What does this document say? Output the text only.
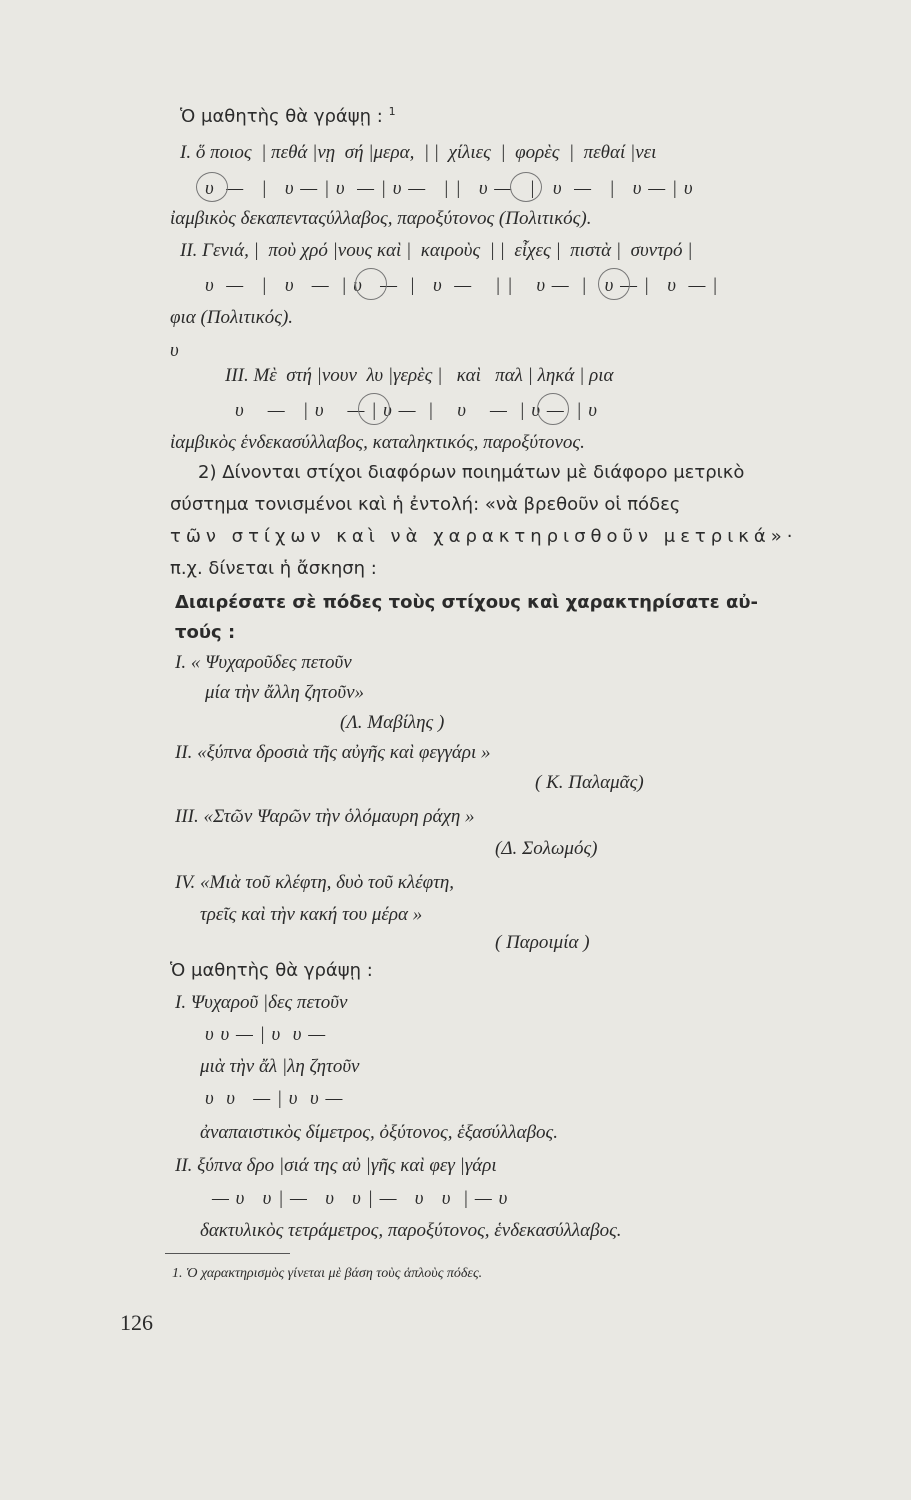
Ὁ μαθητὴς θὰ γράψῃ : $^1$
Ι. ὅ ποιος  | πεθά |νῃ  σή |μερα,  | |  χίλιες  |  φορὲς  |  πεθαί |νει
υ  —   |   υ — | υ  — | υ —   | |   υ —   |   υ  —   |   υ — | υ
ἰαμβικὸς δεκαπενταςύλλαβος, παροξύτονος (Πολιτικός).
ΙΙ. Γενιά, |  ποὺ χρό |νους καὶ |  καιροὺς  | |  εἶχες |  πιστὰ |  συντρό |
υ  —   |   υ   —  | υ   —  |   υ  —    | |    υ —  |   υ — |   υ  — |
φια (Πολιτικός).
υ
ΙΙΙ. Μὲ  στή |νουν  λυ |γερὲς |   καὶ   παλ | ληκά | ρια
υ    —   | υ    — | υ —  |    υ    —  | υ —  | υ
ἰαμβικὸς ἑνδεκασύλλαβος, καταληκτικός, παροξύτονος.
2) Δίνονται στίχοι διαφόρων ποιημάτων μὲ διάφορο μετρικὸ
σύστημα τονισμένοι καὶ ἡ ἐντολή: «νὰ βρεθοῦν οἱ πόδες
τῶν στίχων καὶ νὰ χαρακτηρισθοῦν μετρικά»·
π.χ. δίνεται ἡ ἄσκηση :
Διαιρέσατε σὲ πόδες τοὺς στίχους καὶ χαρακτηρίσατε αὐ-
τούς :
Ι. « Ψυχαροῦδες πετοῦν
μία τὴν ἄλλη ζητοῦν»
(Λ. Μαβίλης )
ΙΙ. «ξύπνα δροσιὰ τῆς αὐγῆς καὶ φεγγάρι »
( Κ. Παλαμᾶς)
ΙΙΙ. «Στῶν Ψαρῶν τὴν ὁλόμαυρη ράχη »
(Δ. Σολωμός)
ΙV. «Μιὰ τοῦ κλέφτη, δυὸ τοῦ κλέφτη,
τρεῖς καὶ τὴν κακή του μέρα »
( Παροιμία )
Ὁ μαθητὴς θὰ γράψῃ :
Ι. Ψυχαροῦ |δες πετοῦν
υ υ — | υ  υ —
μιὰ τὴν ἄλ |λη ζητοῦν
υ  υ   — | υ  υ —
ἀναπαιστικὸς δίμετρος, ὀξύτονος, ἑξασύλλαβος.
ΙΙ. ξύπνα δρο |σιά της αὐ |γῆς καὶ φεγ |γάρι
— υ   υ | —   υ   υ | —   υ   υ  | — υ
δακτυλικὸς τετράμετρος, παροξύτονος, ἑνδεκασύλλαβος.
1. Ὁ χαρακτηρισμὸς γίνεται μὲ βάση τοὺς ἁπλοὺς πόδες.
126
